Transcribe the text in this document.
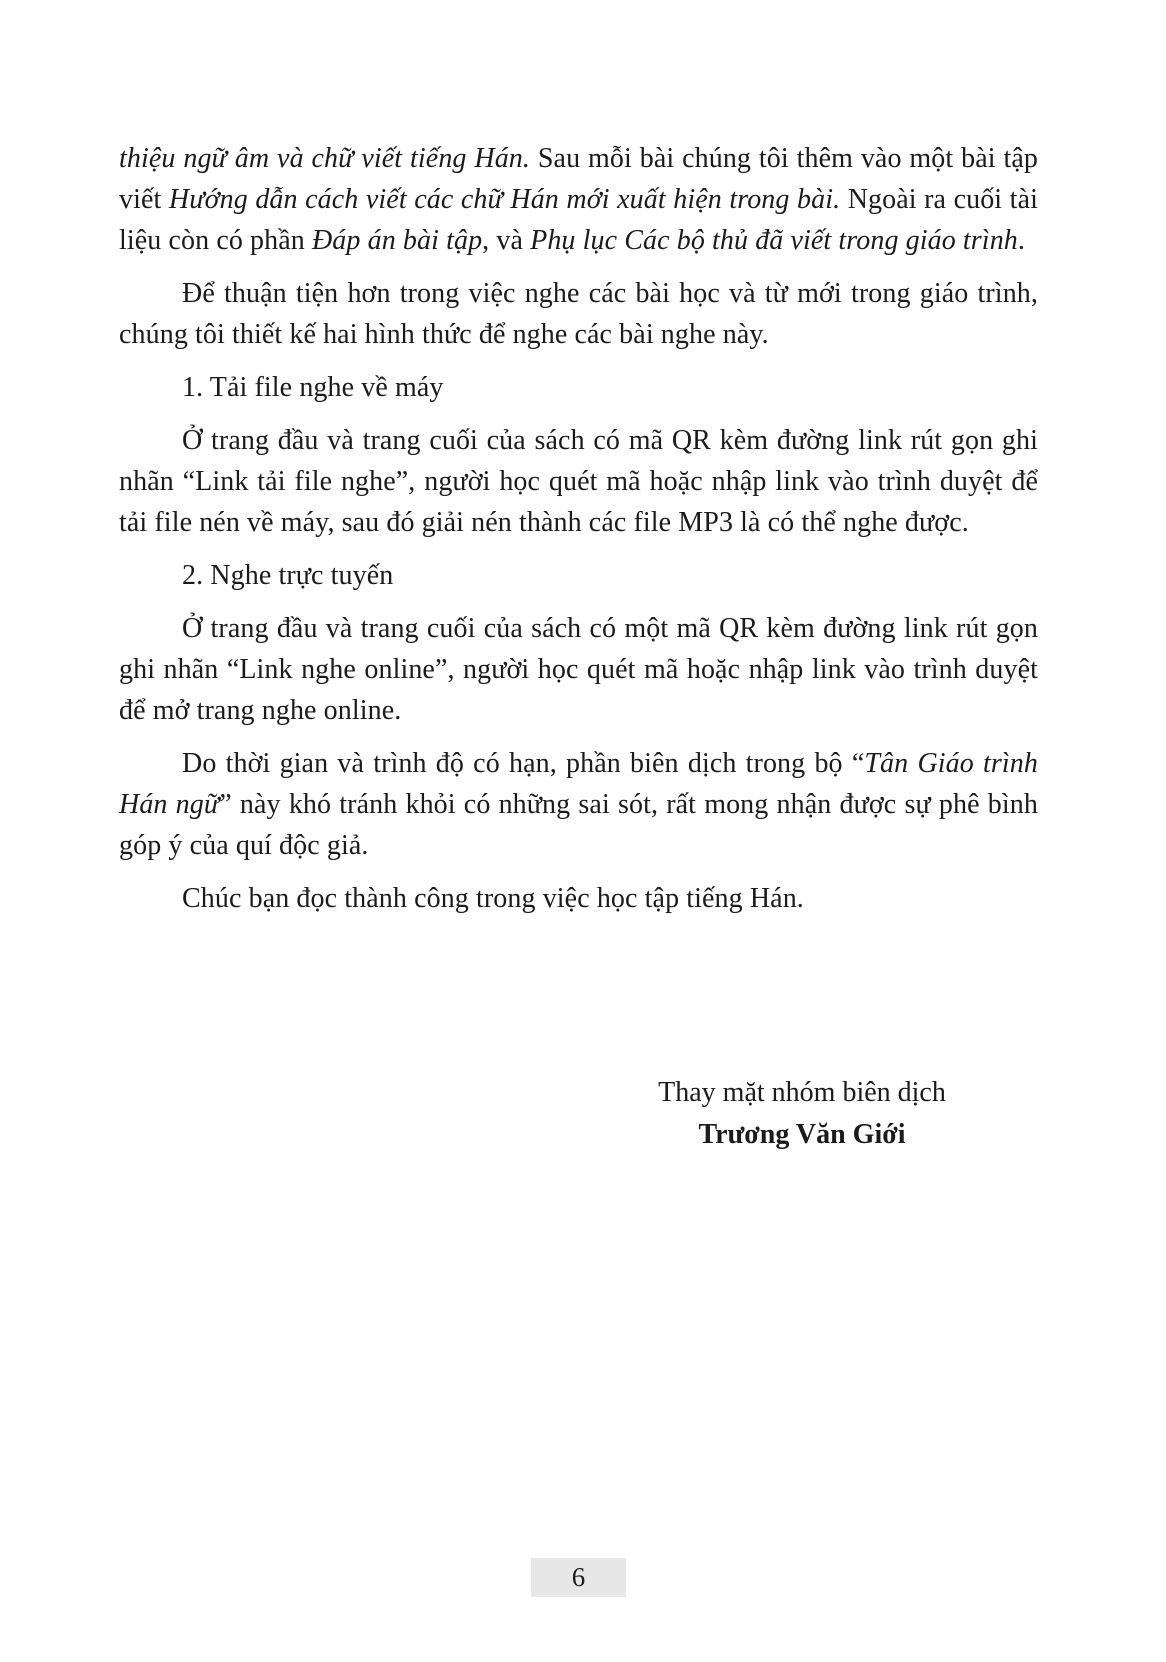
thiệu ngữ âm và chữ viết tiếng Hán. Sau mỗi bài chúng tôi thêm vào một bài tập viết Hướng dẫn cách viết các chữ Hán mới xuất hiện trong bài. Ngoài ra cuối tài liệu còn có phần Đáp án bài tập, và Phụ lục Các bộ thủ đã viết trong giáo trình.

Để thuận tiện hơn trong việc nghe các bài học và từ mới trong giáo trình, chúng tôi thiết kế hai hình thức để nghe các bài nghe này.

1. Tải file nghe về máy

Ở trang đầu và trang cuối của sách có mã QR kèm đường link rút gọn ghi nhãn “Link tải file nghe”, người học quét mã hoặc nhập link vào trình duyệt để tải file nén về máy, sau đó giải nén thành các file MP3 là có thể nghe được.

2. Nghe trực tuyến

Ở trang đầu và trang cuối của sách có một mã QR kèm đường link rút gọn ghi nhãn “Link nghe online”, người học quét mã hoặc nhập link vào trình duyệt để mở trang nghe online.

Do thời gian và trình độ có hạn, phần biên dịch trong bộ “Tân Giáo trình Hán ngữ” này khó tránh khỏi có những sai sót, rất mong nhận được sự phê bình góp ý của quí độc giả.

Chúc bạn đọc thành công trong việc học tập tiếng Hán.

Thay mặt nhóm biên dịch
Trương Văn Giới
6
